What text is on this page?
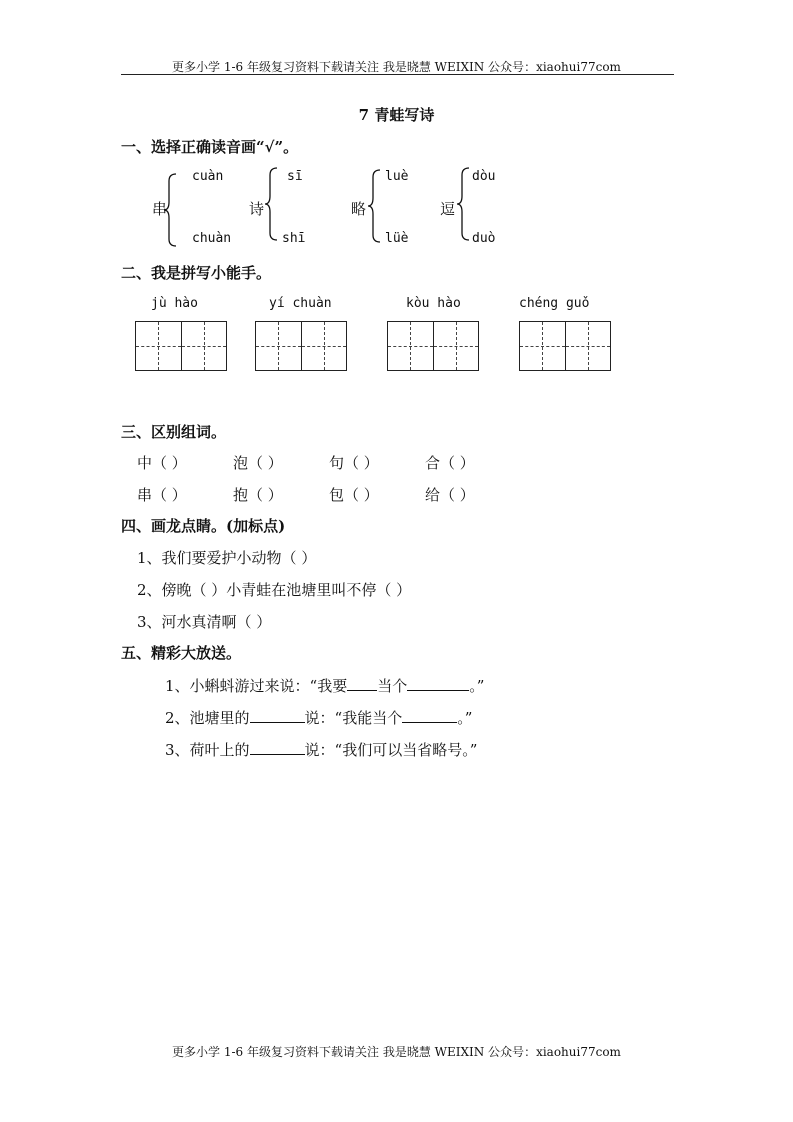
更多小学 1-6 年级复习资料下载请关注 我是晓慧 WEIXIN 公众号：xiaohui77com
7 青蛙写诗
一、选择正确读音画“√”。
串
cuàn
chuàn
诗
sī
shī
略
luè
lüè
逗
dòu
duò
二、我是拼写小能手。
jù hào	yí chuàn	kòu hào	chéng guǒ
三、区别组词。
中（ ）	泡（ ）	句（ ）	合（ ）
串（ ）	抱（ ）	包（ ）	给（ ）
四、画龙点睛。(加标点)
1、我们要爱护小动物（ ）
2、傍晚（ ）小青蛙在池塘里叫不停（ ）
3、河水真清啊（ ）
五、精彩大放送。
1、小蝌蚪游过来说：“我要 当个	。”
2、池塘里的	说：“我能当个	。”
3、荷叶上的	说：“我们可以当省略号。”
更多小学 1-6 年级复习资料下载请关注 我是晓慧 WEIXIN 公众号：xiaohui77com
